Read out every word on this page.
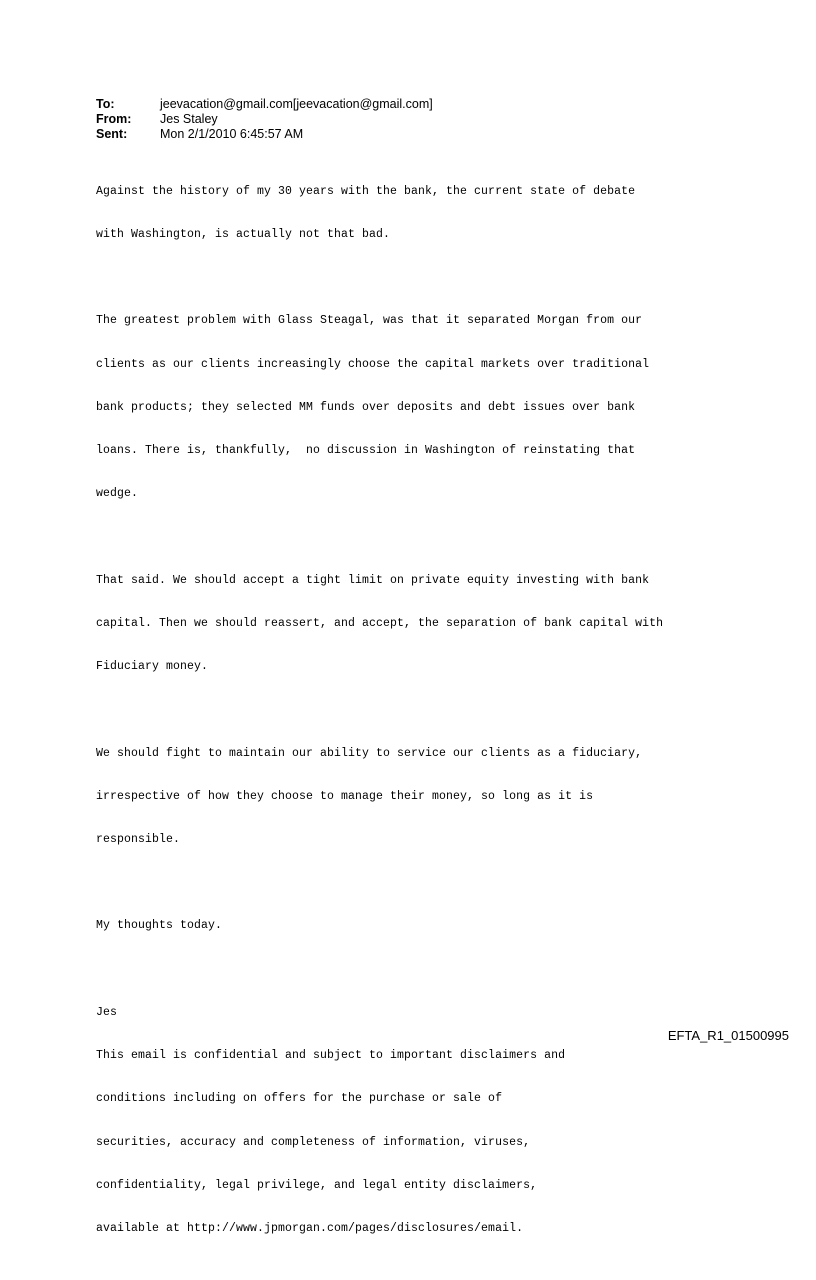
To:	jeevacation@gmail.com[jeevacation@gmail.com]
From:	Jes Staley
Sent:	Mon 2/1/2010 6:45:57 AM

Against the history of my 30 years with the bank, the current state of debate

with Washington, is actually not that bad.

The greatest problem with Glass Steagal, was that it separated Morgan from our

clients as our clients increasingly choose the capital markets over traditional

bank products; they selected MM funds over deposits and debt issues over bank

loans. There is, thankfully,  no discussion in Washington of reinstating that

wedge.

That said. We should accept a tight limit on private equity investing with bank

capital. Then we should reassert, and accept, the separation of bank capital with

Fiduciary money.

We should fight to maintain our ability to service our clients as a fiduciary,

irrespective of how they choose to manage their money, so long as it is

responsible.

My thoughts today.

Jes

This email is confidential and subject to important disclaimers and

conditions including on offers for the purchase or sale of

securities, accuracy and completeness of information, viruses,

confidentiality, legal privilege, and legal entity disclaimers,

available at http://www.jpmorgan.com/pages/disclosures/email.

EFTA_R1_01500995
